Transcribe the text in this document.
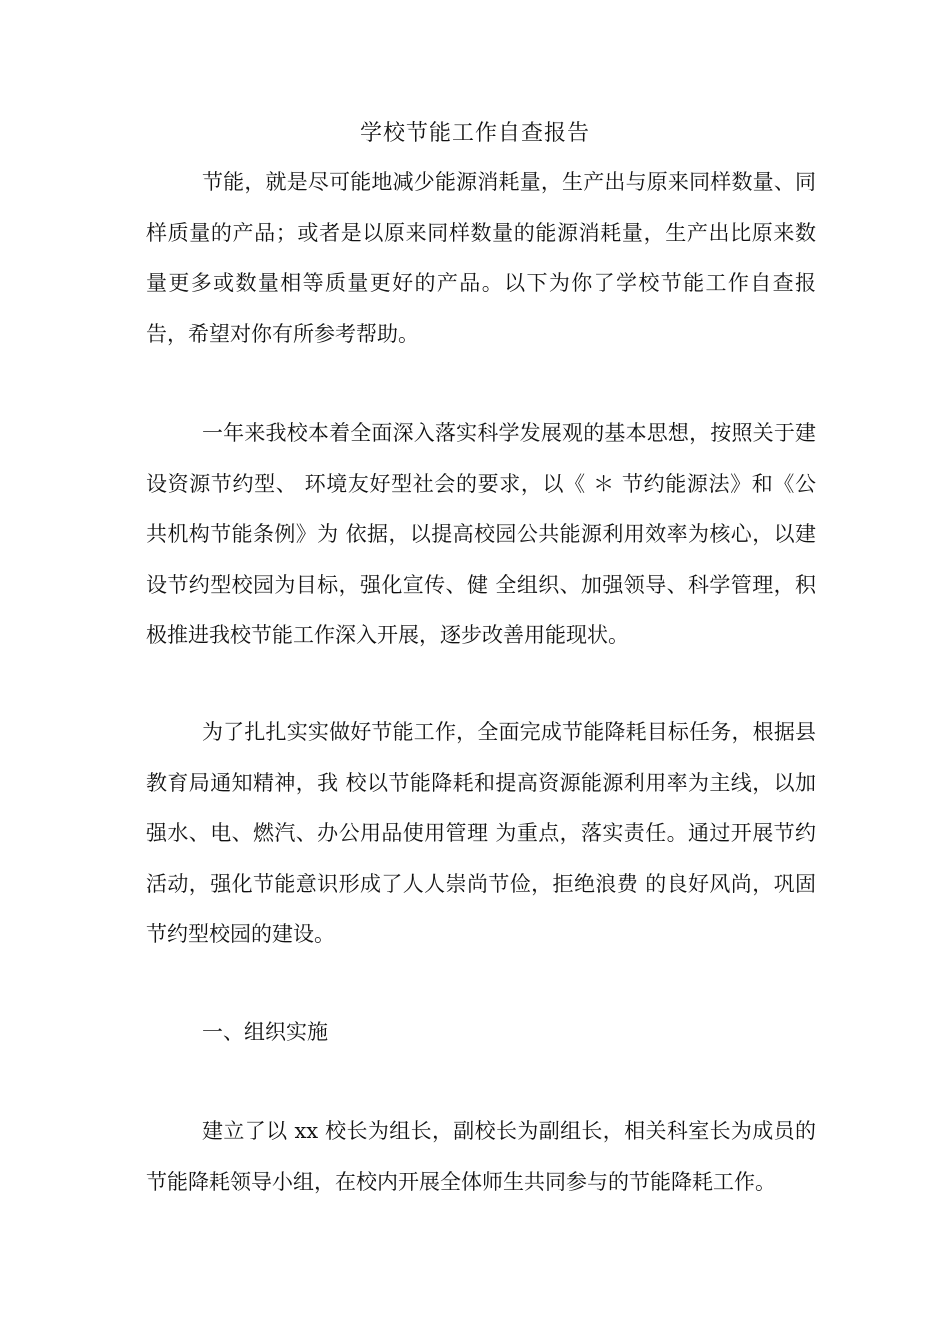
学校节能工作自查报告

节能，就是尽可能地减少能源消耗量，生产出与原来同样数量、同样质量的产品；或者是以原来同样数量的能源消耗量，生产出比原来数量更多或数量相等质量更好的产品。以下为你了学校节能工作自查报告，希望对你有所参考帮助。

一年来我校本着全面深入落实科学发展观的基本思想，按照关于建设资源节约型、 环境友好型社会的要求，以《 ＊ 节约能源法》和《公共机构节能条例》为 依据，以提高校园公共能源利用效率为核心，以建设节约型校园为目标，强化宣传、健 全组织、加强领导、科学管理，积极推进我校节能工作深入开展，逐步改善用能现状。

为了扎扎实实做好节能工作，全面完成节能降耗目标任务，根据县教育局通知精神，我 校以节能降耗和提高资源能源利用率为主线，以加强水、电、燃汽、办公用品使用管理 为重点，落实责任。通过开展节约活动，强化节能意识形成了人人崇尚节俭，拒绝浪费 的良好风尚，巩固节约型校园的建设。

一、组织实施

建立了以 xx 校长为组长，副校长为副组长，相关科室长为成员的节能降耗领导小组，在校内开展全体师生共同参与的节能降耗工作。
